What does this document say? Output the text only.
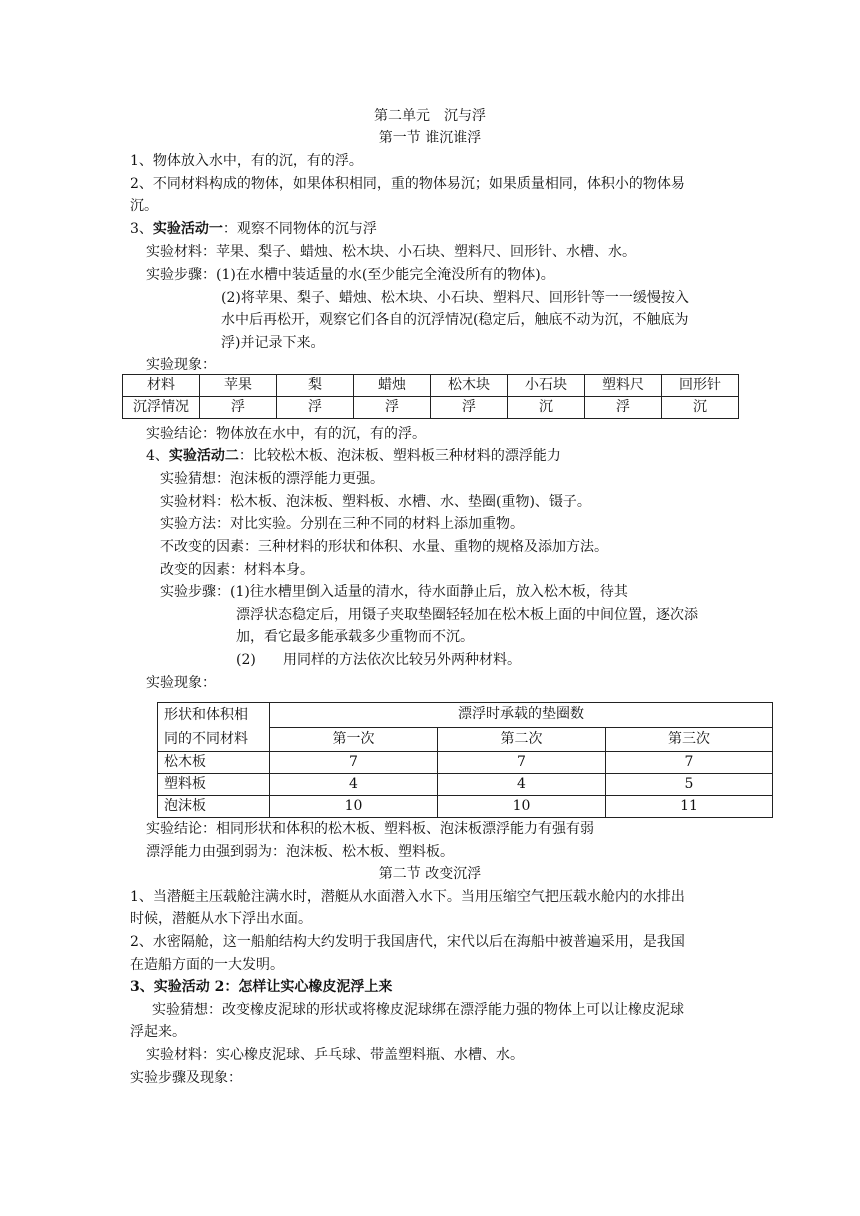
第二单元　沉与浮
第一节 谁沉谁浮
1、物体放入水中，有的沉，有的浮。
2、不同材料构成的物体，如果体积相同，重的物体易沉；如果质量相同，体积小的物体易
沉。
3、实验活动一：观察不同物体的沉与浮
实验材料：苹果、梨子、蜡烛、松木块、小石块、塑料尺、回形针、水槽、水。
实验步骤：(1)在水槽中装适量的水(至少能完全淹没所有的物体)。
(2)将苹果、梨子、蜡烛、松木块、小石块、塑料尺、回形针等一一缓慢按入
水中后再松开，观察它们各自的沉浮情况(稳定后，触底不动为沉，不触底为
浮)并记录下来。
实验现象：
材料	苹果	梨	蜡烛	松木块	小石块	塑料尺	回形针
沉浮情况	浮	浮	浮	浮	沉	浮	沉
实验结论：物体放在水中，有的沉，有的浮。
4、实验活动二：比较松木板、泡沫板、塑料板三种材料的漂浮能力
实验猜想：泡沫板的漂浮能力更强。
实验材料：松木板、泡沫板、塑料板、水槽、水、垫圈(重物)、镊子。
实验方法：对比实验。分别在三种不同的材料上添加重物。
不改变的因素：三种材料的形状和体积、水量、重物的规格及添加方法。
改变的因素：材料本身。
实验步骤：(1)往水槽里倒入适量的清水，待水面静止后，放入松木板，待其
漂浮状态稳定后，用镊子夹取垫圈轻轻加在松木板上面的中间位置，逐次添
加，看它最多能承载多少重物而不沉。
(2) 用同样的方法依次比较另外两种材料。
实验现象：
形状和体积相
同的不同材料	漂浮时承载的垫圈数		
	第一次	第二次	第三次
松木板	7	7	7
塑料板	4	4	5
泡沫板	10	10	11
实验结论：相同形状和体积的松木板、塑料板、泡沫板漂浮能力有强有弱
漂浮能力由强到弱为：泡沫板、松木板、塑料板。
第二节 改变沉浮
1、当潜艇主压载舱注满水时，潜艇从水面潜入水下。当用压缩空气把压载水舱内的水排出
时候，潜艇从水下浮出水面。
2、水密隔舱，这一船舶结构大约发明于我国唐代，宋代以后在海船中被普遍采用，是我国
在造船方面的一大发明。
3、实验活动 2：怎样让实心橡皮泥浮上来
实验猜想：改变橡皮泥球的形状或将橡皮泥球绑在漂浮能力强的物体上可以让橡皮泥球
浮起来。
实验材料：实心橡皮泥球、乒乓球、带盖塑料瓶、水槽、水。
实验步骤及现象：
